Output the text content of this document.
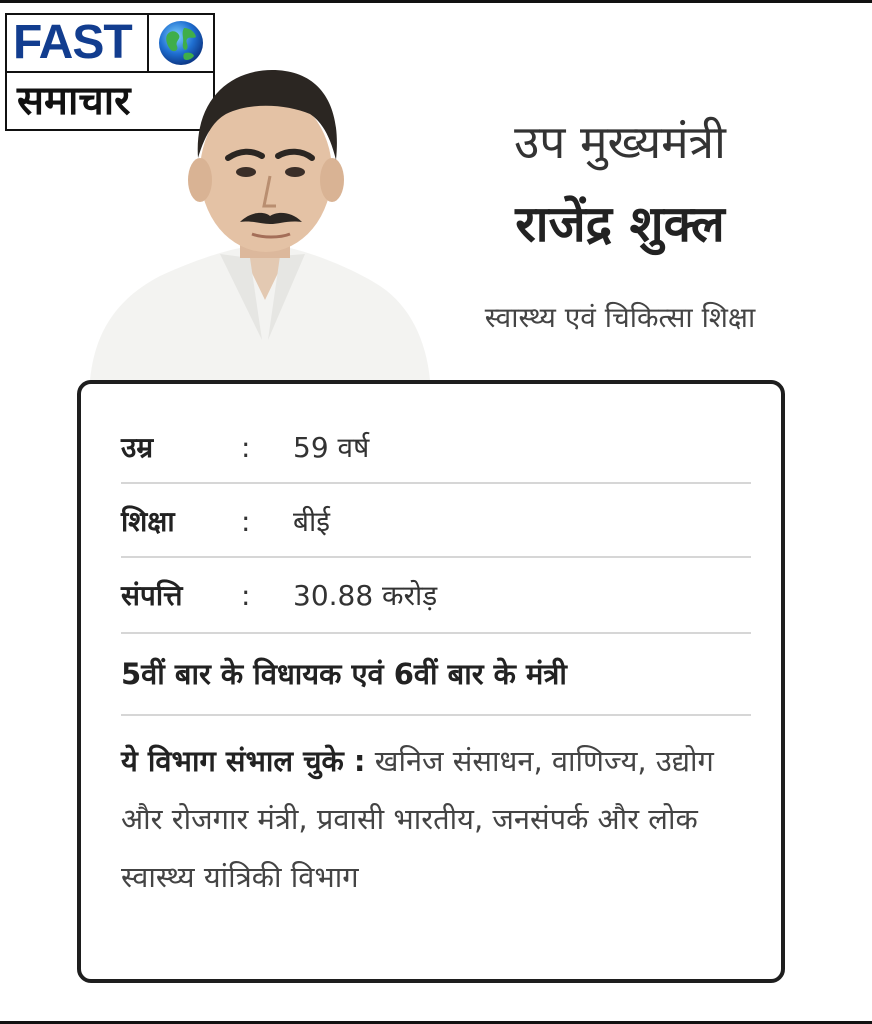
FAST
समाचार
उप मुख्यमंत्री
राजेंद्र शुक्ल
स्वास्थ्य एवं चिकित्सा शिक्षा
उम्र	: 59 वर्ष
शिक्षा : बीई
संपत्ति : 30.88 करोड़
5वीं बार के विधायक एवं 6वीं बार के मंत्री
ये विभाग संभाल चुके : खनिज संसाधन, वाणिज्य, उद्योग और रोजगार मंत्री, प्रवासी भारतीय, जनसंपर्क और लोक स्वास्थ्य यांत्रिकी विभाग
